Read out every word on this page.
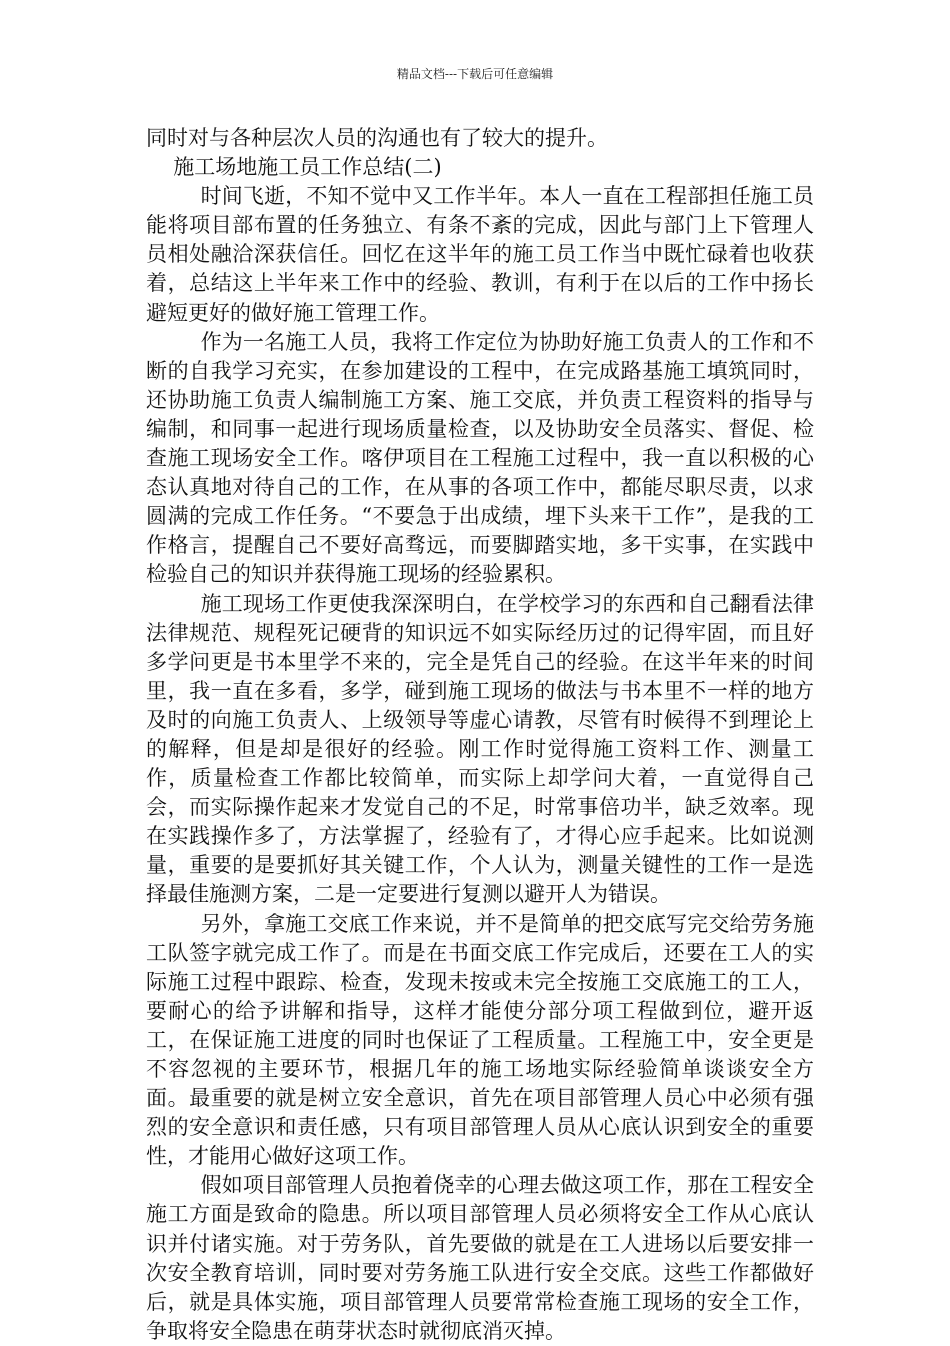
精品文档---下载后可任意编辑

同时对与各种层次人员的沟通也有了较大的提升。

施工场地施工员工作总结(二)

时间飞逝，不知不觉中又工作半年。本人一直在工程部担任施工员能将项目部布置的任务独立、有条不紊的完成，因此与部门上下管理人员相处融洽深获信任。回忆在这半年的施工员工作当中既忙碌着也收获着，总结这上半年来工作中的经验、教训，有利于在以后的工作中扬长避短更好的做好施工管理工作。

作为一名施工人员，我将工作定位为协助好施工负责人的工作和不断的自我学习充实，在参加建设的工程中，在完成路基施工填筑同时，还协助施工负责人编制施工方案、施工交底，并负责工程资料的指导与编制，和同事一起进行现场质量检查，以及协助安全员落实、督促、检查施工现场安全工作。喀伊项目在工程施工过程中，我一直以积极的心态认真地对待自己的工作，在从事的各项工作中，都能尽职尽责，以求圆满的完成工作任务。“不要急于出成绩，埋下头来干工作”，是我的工作格言，提醒自己不要好高骛远，而要脚踏实地，多干实事，在实践中检验自己的知识并获得施工现场的经验累积。

施工现场工作更使我深深明白，在学校学习的东西和自己翻看法律法律规范、规程死记硬背的知识远不如实际经历过的记得牢固，而且好多学问更是书本里学不来的，完全是凭自己的经验。在这半年来的时间里，我一直在多看，多学，碰到施工现场的做法与书本里不一样的地方及时的向施工负责人、上级领导等虚心请教，尽管有时候得不到理论上的解释，但是却是很好的经验。刚工作时觉得施工资料工作、测量工作，质量检查工作都比较简单，而实际上却学问大着，一直觉得自己会，而实际操作起来才发觉自己的不足，时常事倍功半，缺乏效率。现在实践操作多了，方法掌握了，经验有了，才得心应手起来。比如说测量，重要的是要抓好其关键工作，个人认为，测量关键性的工作一是选择最佳施测方案，二是一定要进行复测以避开人为错误。

另外，拿施工交底工作来说，并不是简单的把交底写完交给劳务施工队签字就完成工作了。而是在书面交底工作完成后，还要在工人的实际施工过程中跟踪、检查，发现未按或未完全按施工交底施工的工人，要耐心的给予讲解和指导，这样才能使分部分项工程做到位，避开返工，在保证施工进度的同时也保证了工程质量。工程施工中，安全更是不容忽视的主要环节，根据几年的施工场地实际经验简单谈谈安全方面。最重要的就是树立安全意识，首先在项目部管理人员心中必须有强烈的安全意识和责任感，只有项目部管理人员从心底认识到安全的重要性，才能用心做好这项工作。

假如项目部管理人员抱着侥幸的心理去做这项工作，那在工程安全施工方面是致命的隐患。所以项目部管理人员必须将安全工作从心底认识并付诸实施。对于劳务队，首先要做的就是在工人进场以后要安排一次安全教育培训，同时要对劳务施工队进行安全交底。这些工作都做好后，就是具体实施，项目部管理人员要常常检查施工现场的安全工作，争取将安全隐患在萌芽状态时就彻底消灭掉。
